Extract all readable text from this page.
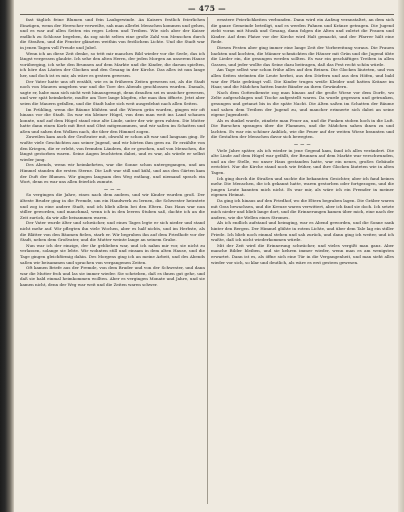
— 475 —

fast täglich feine Blumen und fein Laubgewinde. An Kaisers festlich feierlichen Einzügen, wenn der Herrscher verweilte, sah man allerlei Menschen kommen und gehen, und es war auf allen Seiten ein reges Leben und Treiben. Wie sich aber der Kaiser endlich zu Schlosse begeben, da zog nicht selten eine große Zahl von Menschen durch die Straßen, und die Fenster glänzten weithin von festlichem Lichte. Und die Stadt war in jenen Tagen voll Freude und Jubel.

Wenn ich an diese Zeit denke, so tritt mir manches Bild wieder vor die Seele, das ich längst vergessen glaubte. Ich sehe den alten Herrn, der jeden Morgen an unserem Hause vorüberging, ich sehe den Brunnen auf dem Markte und die Kinder, die darum spielten, ich höre das Läuten der Glocken und den Gesang in der Kirche. Das alles ist nun lange her, und doch ist es mir, als wäre es gestern gewesen.

Der Vater hatte uns oft erzählt, wie es in früheren Zeiten gewesen sei, als die Stadt noch von Mauern umgeben war und die Tore des Abends geschlossen wurden. Damals, sagte er, habe man sich nicht weit hinausgewagt, denn draußen sei es unsicher gewesen, und wer spät heimkehrte, mußte am Tore lange klopfen, ehe man ihm öffnete. Jetzt aber seien die Mauern gefallen, und die Stadt habe sich weit ausgedehnt nach allen Seiten.

Im Frühling, wenn die Bäume blühten und die Wiesen grün wurden, gingen wir oft hinaus vor die Stadt. Da war ein kleiner Hügel, von dem man weit ins Land schauen konnte, und auf dem Hügel stand eine alte Linde, unter der wir gern ruhten. Die Mutter hatte dann einen Korb mit Brot und Obst mitgenommen, und wir saßen im Schatten und aßen und sahen den Wolken nach, die über den Himmel zogen.

Zuweilen kam auch der Großvater mit, obwohl er schon alt war und langsam ging. Er wußte viele Geschichten aus seiner Jugend, und wir hörten ihm gern zu. Er erzählte von den Kriegen, die er erlebt, von fremden Ländern, die er gesehen, und von Menschen, die längst gestorben waren. Seine Augen leuchteten dabei, und es war, als würde er selbst wieder jung.

Des Abends, wenn wir heimkehrten, war die Sonne schon untergegangen, und am Himmel standen die ersten Sterne. Die Luft war still und kühl, und aus den Gärten kam der Duft der Blumen. Wir gingen langsam den Weg entlang, und niemand sprach ein Wort, denn es war uns allen feierlich zumute.

— — —

So vergingen die Jahre, eines nach dem andern, und wir Kinder wurden groß. Der älteste Bruder ging in die Fremde, um ein Handwerk zu lernen, die Schwester heiratete und zog in eine andere Stadt, und ich blieb allein bei den Eltern. Das Haus war nun stiller geworden, und manchmal, wenn ich in den leeren Stuben saß, dachte ich an die Zeit zurück, da wir alle beisammen waren.

Der Vater wurde älter und schwächer, und eines Tages legte er sich nieder und stand nicht mehr auf. Wir pflegten ihn viele Wochen, aber es half nichts, und im Herbste, als die Blätter von den Bäumen fielen, starb er. Wir begruben ihn auf dem Friedhofe vor der Stadt, neben dem Großvater, und die Mutter weinte lange an seinem Grabe.

Nun war ich der einzige, der ihr geblieben war, und ich nahm mir vor, sie nicht zu verlassen, solange sie lebte. Wir wohnten still und einsam in dem alten Hause, und die Tage gingen gleichförmig dahin. Des Morgens ging ich an meine Arbeit, und des Abends saßen wir beisammen und sprachen von vergangenen Zeiten.

Oft kamen Briefe aus der Fremde, von dem Bruder und von der Schwester, und dann war die Mutter froh und las sie immer wieder. Sie schrieben, daß es ihnen gut gehe, und daß sie bald einmal heimkommen wollten. Aber es vergingen Monate und Jahre, und sie kamen nicht, denn der Weg war weit und die Zeiten waren schwer.

ernstere Feierlichkeiten verbunden. Dann wird ein Aufzug veranstaltet, an dem sich die ganze Gemeinde beteiligt, und es werden Fahnen und Kränze getragen. Die Jugend zieht voran mit Musik und Gesang, dann folgen die Alten und zuletzt die Frauen und Kinder. Auf dem Platze vor der Kirche wird Halt gemacht, und der Pfarrer hält eine Rede.

Diesen Festen aber ging immer eine lange Zeit der Vorbereitung voraus. Die Frauen backten und kochten, die Männer schmückten die Häuser mit Grün und die Jugend übte die Lieder ein, die gesungen werden sollten. Es war ein geschäftiges Treiben in allen Gassen, und jeder wollte das Seine dazu beitragen, daß das Fest recht schön würde.

Am Tage selbst war schon frühe alles auf den Beinen. Die Glocken läuteten, und von allen Seiten strömten die Leute herbei, aus den Dörfern und aus den Höfen, und bald war der Platz gedrängt voll. Die Kinder trugen weiße Kleider und hatten Kränze im Haar, und die Mädchen hatten bunte Bänder an ihren Gewändern.

Nach dem Gottesdienste zog man hinaus auf die große Wiese vor dem Dorfe, wo Zelte aufgeschlagen und Tische aufgestellt waren. Da wurde gegessen und getrunken, gesungen und getanzt bis in die späte Nacht. Die Alten saßen im Schatten der Bäume und sahen dem Treiben der Jugend zu, und mancher erinnerte sich dabei an seine eigene Jugendzeit.

Als es dunkel wurde, zündete man Feuer an, und die Funken stoben hoch in die Luft. Die Burschen sprangen über die Flammen, und die Mädchen sahen ihnen zu und lachten. Es war ein schöner Anblick, wie die Feuer auf der weiten Wiese brannten und die Gestalten der Menschen davor sich bewegten.

— — —

Viele Jahre später, als ich wieder in jene Gegend kam, fand ich alles verändert. Die alte Linde auf dem Hügel war gefällt, der Brunnen auf dem Markte war verschwunden, und an der Stelle, wo unser Haus gestanden hatte, war ein neues, großes Gebäude errichtet. Nur die Kirche stand noch wie früher, und ihre Glocken läuteten wie in alten Tagen.

Ich ging durch die Straßen und suchte die bekannten Gesichter, aber ich fand keines mehr. Die Menschen, die ich gekannt hatte, waren gestorben oder fortgezogen, und die jungen Leute kannten mich nicht. Es war mir, als wäre ich ein Fremder in meiner eigenen Heimat.

Da ging ich hinaus auf den Friedhof, wo die Eltern begraben lagen. Die Gräber waren mit Gras bewachsen, und die Kreuze waren verwittert, aber ich fand sie doch. Ich setzte mich nieder und blieb lange dort, und die Erinnerungen kamen über mich, eine nach der andern, wie die Wellen eines Stromes.

Als ich endlich aufstand und heimging, war es Abend geworden, und die Sonne sank hinter den Bergen. Der Himmel glühte in rotem Lichte, und über dem Tale lag ein stiller Friede. Ich blieb noch einmal stehen und sah zurück, und dann ging ich weiter, und ich wußte, daß ich nicht wiederkommen würde.

Mit der Zeit wird die Erinnerung schwächer, und vieles vergißt man ganz. Aber manche Bilder bleiben, und sie kehren immer wieder, wenn man es am wenigsten erwartet. Dann ist es, als öffne sich eine Tür in die Vergangenheit, und man sieht alles wieder vor sich, so klar und deutlich, als wäre es erst gestern gewesen.
